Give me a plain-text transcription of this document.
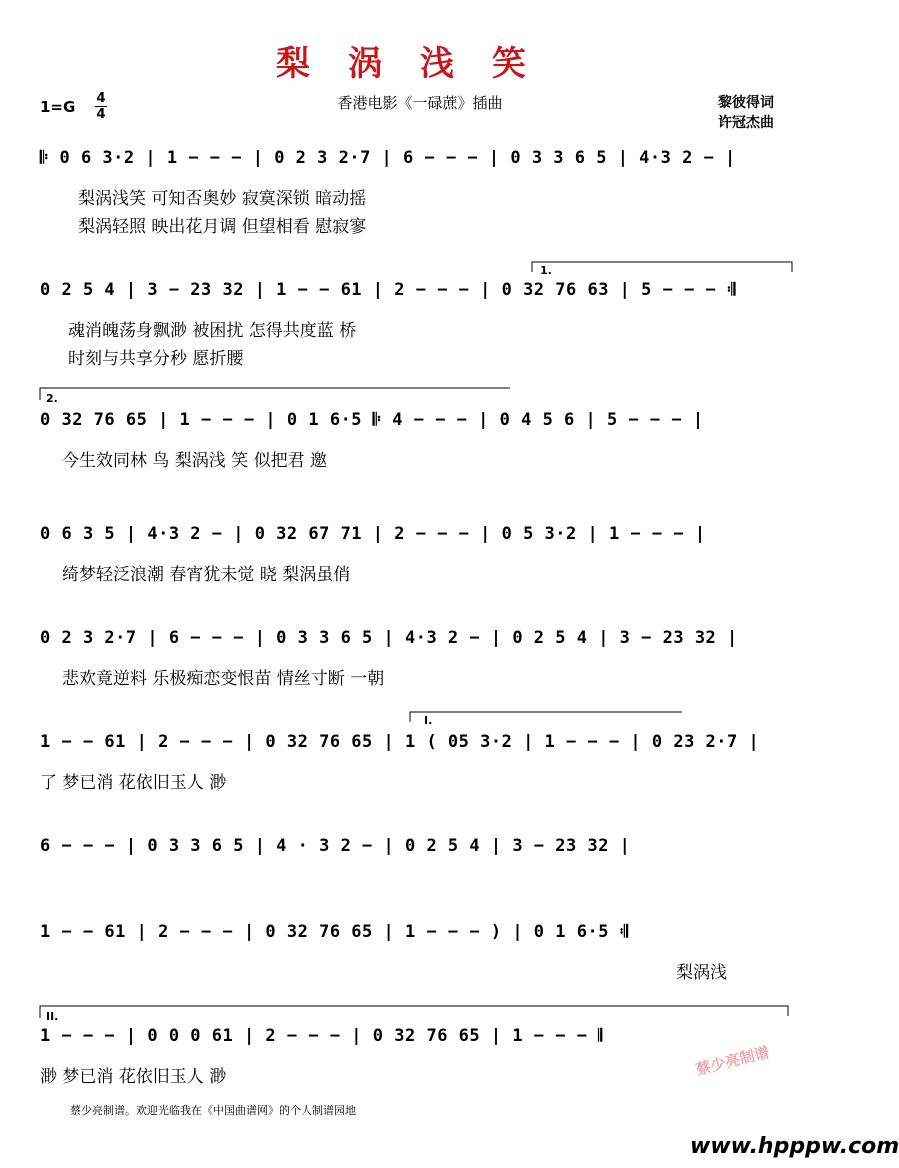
梨涡浅笑
1=G 4
4
香港电影《一碌蔗》插曲	黎彼得词
许冠杰曲
𝄆 0 6 3·2 | 1 − − − | 0 2 3 2·7 | 6 − − − | 0 3 3 6 5 | 4·3 2 − |
梨涡浅笑 可知否奥妙 寂寞深锁 暗动摇
梨涡轻照 映出花月调 但望相看 慰寂寥
1.
0 2 5 4 | 3 − 23 32 | 1 − − 61 | 2 − − − | 0 32 76 63 | 5 − − − 𝄇
魂消魄荡身飘渺 被困扰 怎得共度蓝 桥
时刻与共享分秒 愿折腰
2.
0 32 76 65 | 1 − − − | 0 1 6·5 𝄆 4 − − − | 0 4 5 6 | 5 − − − |
今生效同林 鸟 梨涡浅 笑 似把君 邀
0 6 3 5 | 4·3 2 − | 0 32 67 71 | 2 − − − | 0 5 3·2 | 1 − − − |
绮梦轻泛浪潮 春宵犹未觉 晓 梨涡虽俏
0 2 3 2·7 | 6 − − − | 0 3 3 6 5 | 4·3 2 − | 0 2 5 4 | 3 − 23 32 |
悲欢竟逆料 乐极痴恋变恨苗 情丝寸断 一朝
I.
1 − − 61 | 2 − − − | 0 32 76 65 | 1 ( 05 3·2 | 1 − − − | 0 23 2·7 |
了 梦已消 花依旧玉人 渺
6 − − − | 0 3 3 6 5 | 4 · 3 2 − | 0 2 5 4 | 3 − 23 32 |
1 − − 61 | 2 − − − | 0 32 76 65 | 1 − − − ) | 0 1 6·5 𝄇
梨涡浅
II.
1 − − − | 0 0 0 61 | 2 − − − | 0 32 76 65 | 1 − − − 𝄂
渺 梦已消 花依旧玉人 渺	蔡少亮制谱
蔡少亮制谱。欢迎光临我在《中国曲谱网》的个人制谱园地
www.hpppw.com
